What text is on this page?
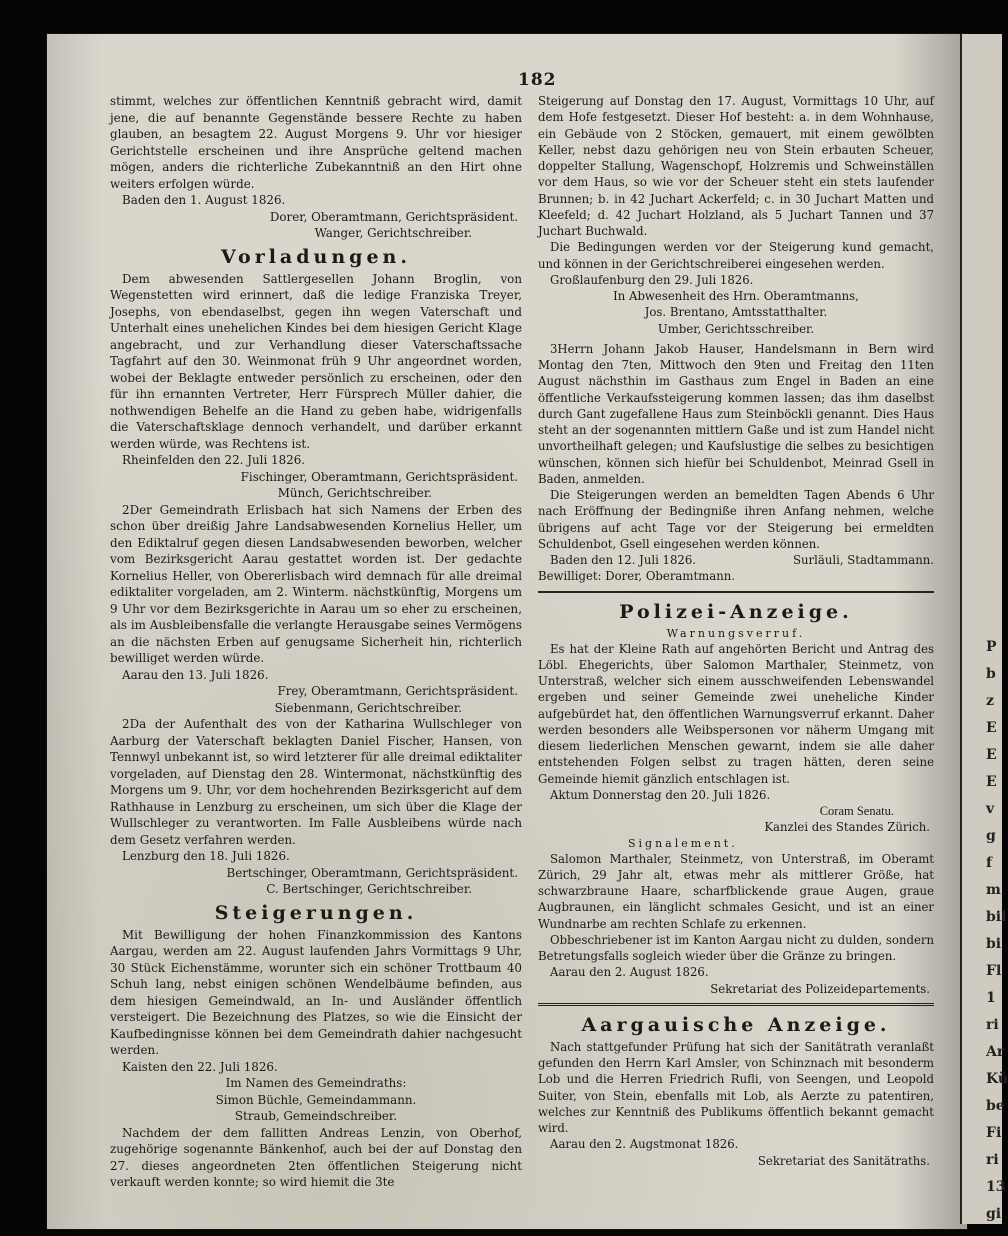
182
P
b
z
E
E
E
v
g
f
m
bil
bi
Fl
1
ri
Ar
Kü
be
Fi
ri
13
gi

stimmt, welches zur öffentlichen Kenntniß gebracht wird, damit jene, die auf benannte Gegenstände bessere Rechte zu haben glauben, an besagtem 22. August Morgens 9. Uhr vor hiesiger Gerichtstelle erscheinen und ihre Ansprüche geltend machen mögen, anders die richterliche Zubekanntniß an den Hirt ohne weiters erfolgen würde.

Baden den 1. August 1826.

Dorer, Oberamtmann, Gerichtspräsident.

Wanger, Gerichtschreiber.

Vorladungen.

Dem abwesenden Sattlergesellen Johann Broglin, von Wegenstetten wird erinnert, daß die ledige Franziska Treyer, Josephs, von ebendaselbst, gegen ihn wegen Vaterschaft und Unterhalt eines unehelichen Kindes bei dem hiesigen Gericht Klage angebracht, und zur Verhandlung dieser Vaterschaftssache Tagfahrt auf den 30. Weinmonat früh 9 Uhr angeordnet worden, wobei der Beklagte entweder persönlich zu erscheinen, oder den für ihn ernannten Vertreter, Herr Fürsprech Müller dahier, die nothwendigen Behelfe an die Hand zu geben habe, widrigenfalls die Vaterschaftsklage dennoch verhandelt, und darüber erkannt werden würde, was Rechtens ist.

Rheinfelden den 22. Juli 1826.

Fischinger, Oberamtmann, Gerichtspräsident.

Münch, Gerichtschreiber.

2Der Gemeindrath Erlisbach hat sich Namens der Erben des schon über dreißig Jahre Landsabwesenden Kornelius Heller, um den Ediktalruf gegen diesen Landsabwesenden beworben, welcher vom Bezirksgericht Aarau gestattet worden ist. Der gedachte Kornelius Heller, von Obererlisbach wird demnach für alle dreimal ediktaliter vorgeladen, am 2. Winterm. nächstkünftig, Morgens um 9 Uhr vor dem Bezirksgerichte in Aarau um so eher zu erscheinen, als im Ausbleibensfalle die verlangte Herausgabe seines Vermögens an die nächsten Erben auf genugsame Sicherheit hin, richterlich bewilliget werden würde.

Aarau den 13. Juli 1826.

Frey, Oberamtmann, Gerichtspräsident.

Siebenmann, Gerichtschreiber.

2Da der Aufenthalt des von der Katharina Wullschleger von Aarburg der Vaterschaft beklagten Daniel Fischer, Hansen, von Tennwyl unbekannt ist, so wird letzterer für alle dreimal ediktaliter vorgeladen, auf Dienstag den 28. Wintermonat, nächstkünftig des Morgens um 9. Uhr, vor dem hochehrenden Bezirksgericht auf dem Rathhause in Lenzburg zu erscheinen, um sich über die Klage der Wullschleger zu verantworten. Im Falle Ausbleibens würde nach dem Gesetz verfahren werden.

Lenzburg den 18. Juli 1826.

Bertschinger, Oberamtmann, Gerichtspräsident.

C. Bertschinger, Gerichtschreiber.

Steigerungen.

Mit Bewilligung der hohen Finanzkommission des Kantons Aargau, werden am 22. August laufenden Jahrs Vormittags 9 Uhr, 30 Stück Eichenstämme, worunter sich ein schöner Trottbaum 40 Schuh lang, nebst einigen schönen Wendelbäume befinden, aus dem hiesigen Gemeindwald, an In- und Ausländer öffentlich versteigert. Die Bezeichnung des Platzes, so wie die Einsicht der Kaufbedingnisse können bei dem Gemeindrath dahier nachgesucht werden.

Kaisten den 22. Juli 1826.

Im Namen des Gemeindraths:

Simon Büchle, Gemeindammann.

Straub, Gemeindschreiber.

Nachdem der dem fallitten Andreas Lenzin, von Oberhof, zugehörige sogenannte Bänkenhof, auch bei der auf Donstag den 27. dieses angeordneten 2ten öffentlichen Steigerung nicht verkauft werden konnte; so wird hiemit die 3te

Steigerung auf Donstag den 17. August, Vormittags 10 Uhr, auf dem Hofe festgesetzt. Dieser Hof besteht: a. in dem Wohnhause, ein Gebäude von 2 Stöcken, gemauert, mit einem gewölbten Keller, nebst dazu gehörigen neu von Stein erbauten Scheuer, doppelter Stallung, Wagenschopf, Holzremis und Schweinställen vor dem Haus, so wie vor der Scheuer steht ein stets laufender Brunnen; b. in 42 Juchart Ackerfeld; c. in 30 Juchart Matten und Kleefeld; d. 42 Juchart Holzland, als 5 Juchart Tannen und 37 Juchart Buchwald.

Die Bedingungen werden vor der Steigerung kund gemacht, und können in der Gerichtschreiberei eingesehen werden.

Großlaufenburg den 29. Juli 1826.

In Abwesenheit des Hrn. Oberamtmanns,

Jos. Brentano, Amtsstatthalter.

Umber, Gerichtsschreiber.

3Herrn Johann Jakob Hauser, Handelsmann in Bern wird Montag den 7ten, Mittwoch den 9ten und Freitag den 11ten August nächsthin im Gasthaus zum Engel in Baden an eine öffentliche Verkaufssteigerung kommen lassen; das ihm daselbst durch Gant zugefallene Haus zum Steinböckli genannt. Dies Haus steht an der sogenannten mittlern Gaße und ist zum Handel nicht unvortheilhaft gelegen; und Kaufslustige die selbes zu besichtigen wünschen, können sich hiefür bei Schuldenbot, Meinrad Gsell in Baden, anmelden.

Die Steigerungen werden an bemeldten Tagen Abends 6 Uhr nach Eröffnung der Bedingniße ihren Anfang nehmen, welche übrigens auf acht Tage vor der Steigerung bei ermeldten Schuldenbot, Gsell eingesehen werden können.

Baden den 12. Juli 1826.	Surläuli, Stadtammann.

Bewilliget: Dorer, Oberamtmann.

Polizei-Anzeige.
Warnungsverruf.

Es hat der Kleine Rath auf angehörten Bericht und Antrag des Löbl. Ehegerichts, über Salomon Marthaler, Steinmetz, von Unterstraß, welcher sich einem ausschweifenden Lebenswandel ergeben und seiner Gemeinde zwei uneheliche Kinder aufgebürdet hat, den öffentlichen Warnungsverruf erkannt. Daher werden besonders alle Weibspersonen vor näherm Umgang mit diesem liederlichen Menschen gewarnt, indem sie alle daher entstehenden Folgen selbst zu tragen hätten, deren seine Gemeinde hiemit gänzlich entschlagen ist.

Aktum Donnerstag den 20. Juli 1826.

Coram Senatu.

Kanzlei des Standes Zürich.

Signalement.

Salomon Marthaler, Steinmetz, von Unterstraß, im Oberamt Zürich, 29 Jahr alt, etwas mehr als mittlerer Größe, hat schwarzbraune Haare, scharfblickende graue Augen, graue Augbraunen, ein länglicht schmales Gesicht, und ist an einer Wundnarbe am rechten Schlafe zu erkennen.

Obbeschriebener ist im Kanton Aargau nicht zu dulden, sondern Betretungsfalls sogleich wieder über die Gränze zu bringen.

Aarau den 2. August 1826.

Sekretariat des Polizeidepartements.

Aargauische Anzeige.

Nach stattgefunder Prüfung hat sich der Sanitätrath veranlaßt gefunden den Herrn Karl Amsler, von Schinznach mit besonderm Lob und die Herren Friedrich Rufli, von Seengen, und Leopold Suiter, von Stein, ebenfalls mit Lob, als Aerzte zu patentiren, welches zur Kenntniß des Publikums öffentlich bekannt gemacht wird.

Aarau den 2. Augstmonat 1826.

Sekretariat des Sanitätraths.
